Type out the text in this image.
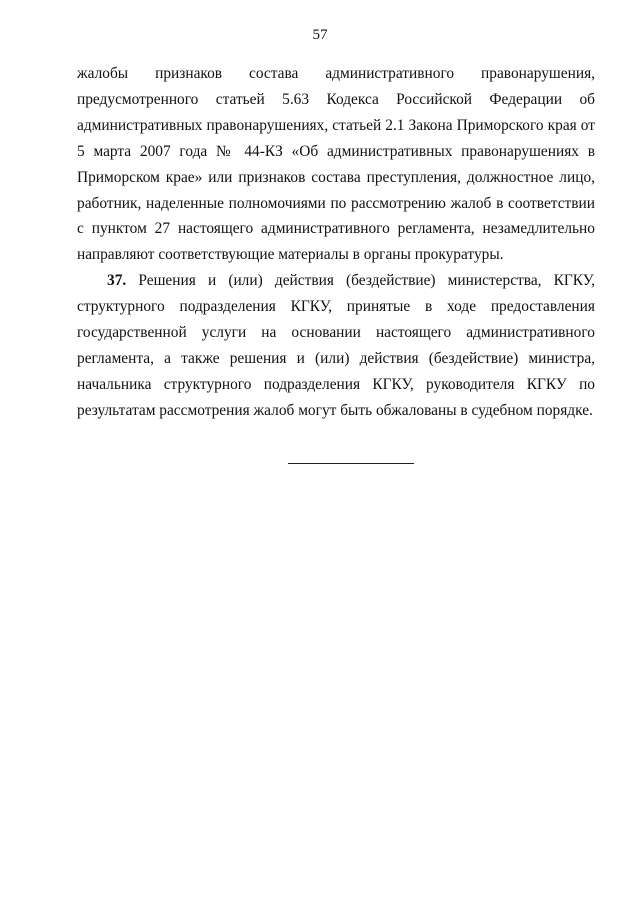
57

жалобы признаков состава административного правонарушения, предусмотренного статьей 5.63 Кодекса Российской Федерации об административных правонарушениях, статьей 2.1 Закона Приморского края от 5 марта 2007 года № 44-КЗ «Об административных правонарушениях в Приморском крае» или признаков состава преступления, должностное лицо, работник, наделенные полномочиями по рассмотрению жалоб в соответствии с пунктом 27 настоящего административного регламента, незамедлительно направляют соответствующие материалы в органы прокуратуры.

37. Решения и (или) действия (бездействие) министерства, КГКУ, структурного подразделения КГКУ, принятые в ходе предоставления государственной услуги на основании настоящего административного регламента, а также решения и (или) действия (бездействие) министра, начальника структурного подразделения КГКУ, руководителя КГКУ по результатам рассмотрения жалоб могут быть обжалованы в судебном порядке.
